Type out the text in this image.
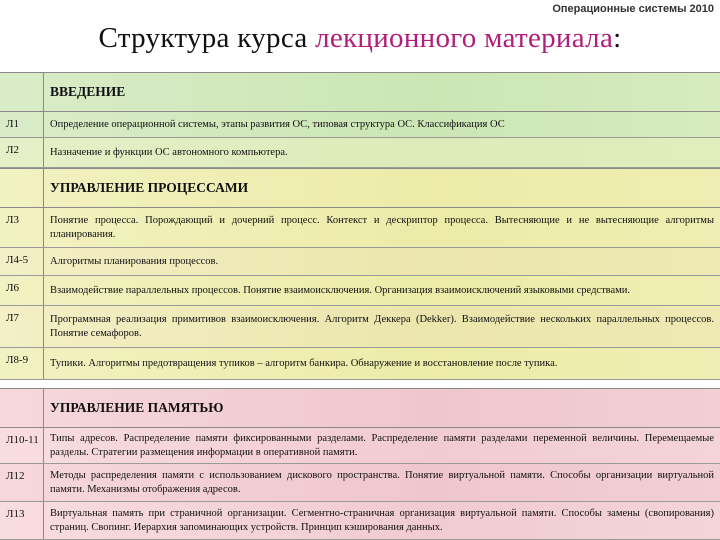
Операционные системы 2010
Структура курса лекционного материала:
ВВЕДЕНИЕ
Л1	Определение операционной системы, этапы развития ОС, типовая структура ОС. Классификация ОС
Л2	Назначение и функции ОС автономного компьютера.
УПРАВЛЕНИЕ ПРОЦЕССАМИ
Л3	Понятие процесса. Порождающий и дочерний процесс. Контекст и дескриптор процесса. Вытесняющие и не вытесняющие алгоритмы планирования.
Л4-5	Алгоритмы планирования процессов.
Л6	Взаимодействие параллельных процессов. Понятие взаимоисключения. Организация взаимоисключений языковыми средствами.
Л7	Программная реализация примитивов взаимоисключения. Алгоритм Деккера (Dekker). Взаимодействие нескольких параллельных процессов. Понятие семафоров.
Л8-9	Тупики. Алгоритмы предотвращения тупиков – алгоритм банкира. Обнаружение и восстановление после тупика.
УПРАВЛЕНИЕ ПАМЯТЬЮ
Л10-11	Типы адресов. Распределение памяти фиксированными разделами. Распределение памяти разделами переменной величины. Перемещаемые разделы. Стратегии размещения информации в оперативной памяти.
Л12	Методы распределения памяти с использованием дискового пространства. Понятие виртуальной памяти. Способы организации виртуальной памяти. Механизмы отображения адресов.
Л13	Виртуальная память при страничной организации. Сегментно-страничная организация виртуальной памяти. Способы замены (свопирования) страниц. Свопинг. Иерархия запоминающих устройств. Принцип кэширования данных.
